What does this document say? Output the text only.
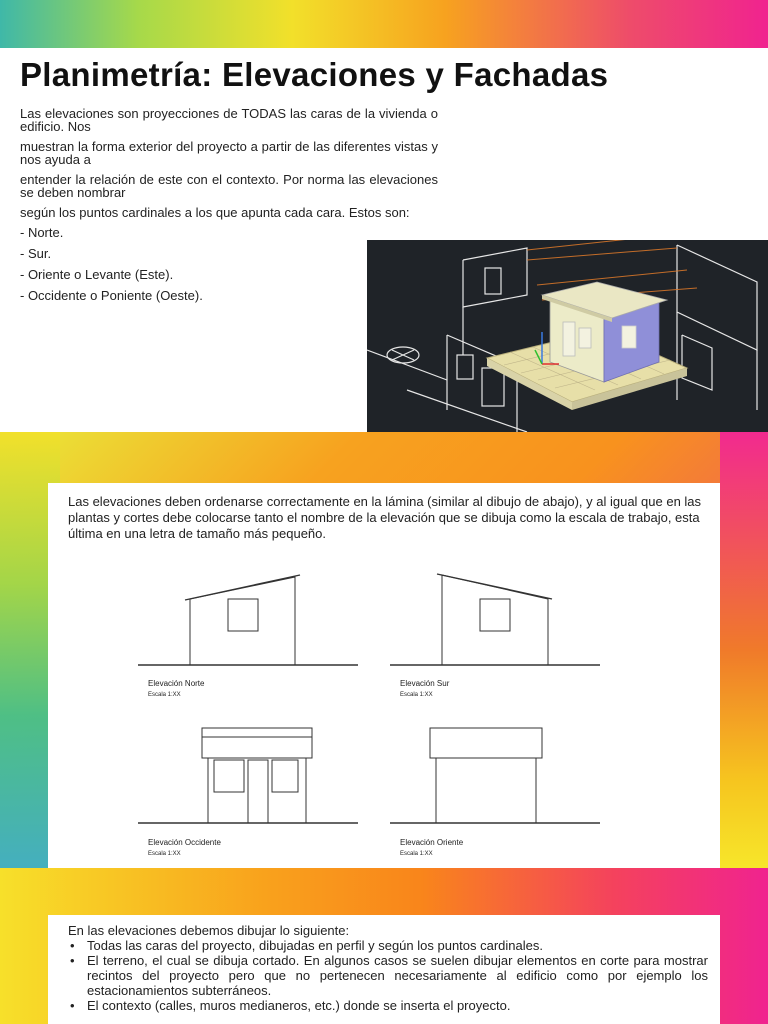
Planimetría: Elevaciones y Fachadas

Las elevaciones son proyecciones de TODAS las caras de la vivienda o edificio. Nos

muestran la forma exterior del proyecto a partir de las diferentes vistas y nos ayuda a

entender la relación de este con el contexto. Por norma las elevaciones se deben nombrar

según los puntos cardinales a los que apunta cada cara. Estos son:

- Norte.
- Sur.
- Oriente o Levante (Este).
- Occidente o Poniente (Oeste).
Las elevaciones deben ordenarse correctamente en la lámina (similar al dibujo de abajo), y al igual que en las plantas y cortes debe colocarse tanto el nombre de la elevación que se dibuja como la escala de trabajo, esta última en una letra de tamaño más pequeño.
Elevación Norte
Escala 1:XX
Elevación Sur
Escala 1:XX
Elevación Occidente
Escala 1:XX
Elevación Oriente
Escala 1:XX

En las elevaciones debemos dibujar lo siguiente:

• Todas las caras del proyecto, dibujadas en perfil y según los puntos cardinales.
• El terreno, el cual se dibuja cortado. En algunos casos se suelen dibujar elementos en corte para mostrar recintos del proyecto pero que no pertenecen necesariamente al edificio como por ejemplo los estacionamientos subterráneos.
• El contexto (calles, muros medianeros, etc.) donde se inserta el proyecto.
